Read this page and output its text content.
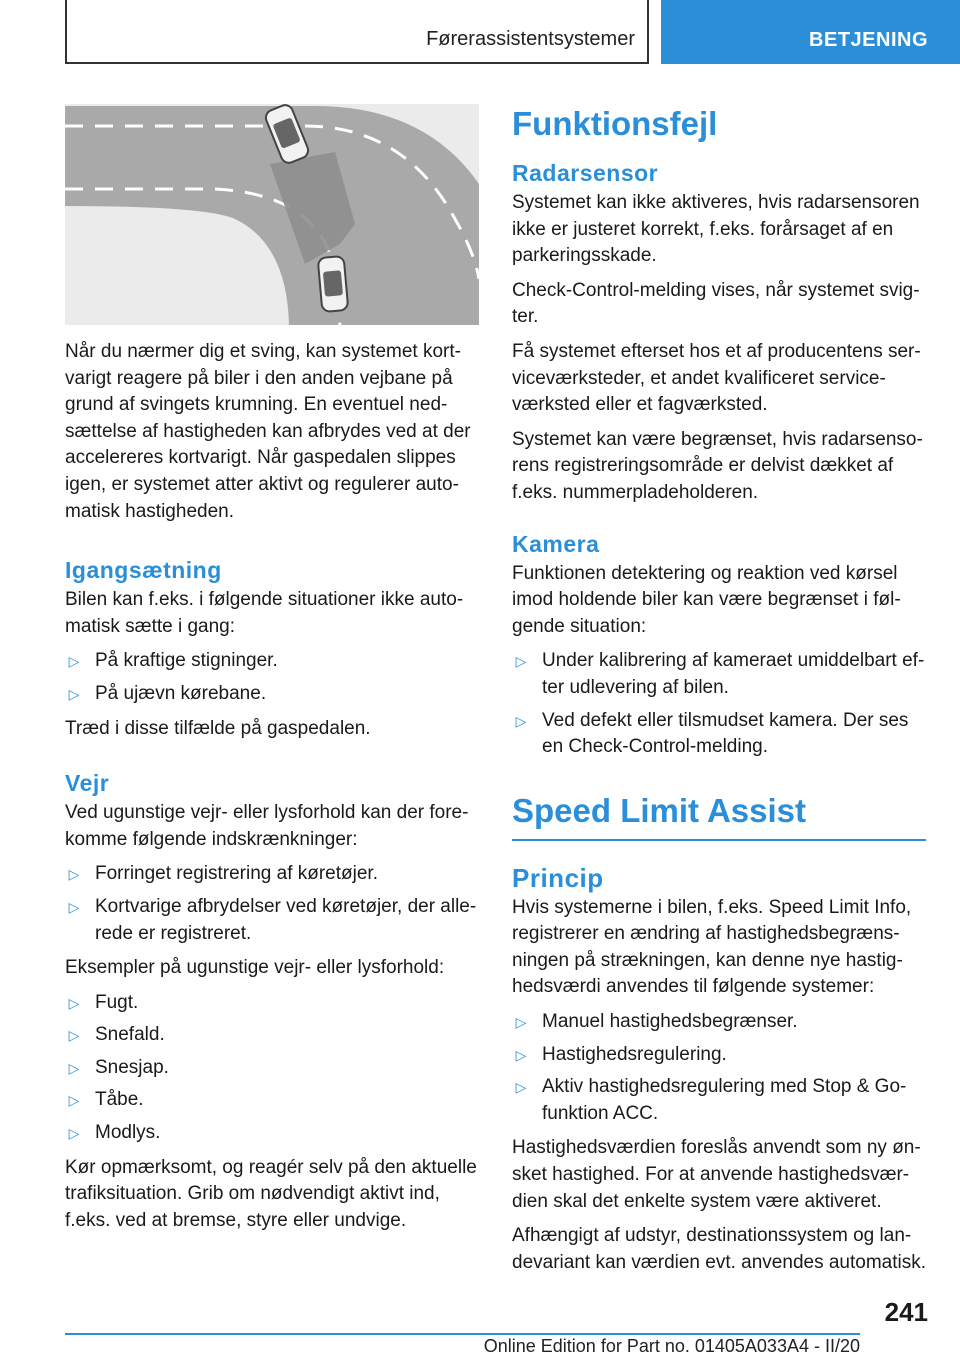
Førerassistentsystemer	BETJENING

Når du nærmer dig et sving, kan systemet kortvarigt reagere på biler i den anden vejbane på grund af svingets krumning. En eventuel nedsættelse af hastigheden kan afbrydes ved at der accelereres kortvarigt. Når gaspedalen slippes igen, er systemet atter aktivt og regulerer automatisk hastigheden.

Igangsætning

Bilen kan f.eks. i følgende situationer ikke automatisk sætte i gang:

▷ På kraftige stigninger.
▷ På ujævn kørebane.

Træd i disse tilfælde på gaspedalen.

Vejr

Ved ugunstige vejr- eller lysforhold kan der forekomme følgende indskrænkninger:

▷ Forringet registrering af køretøjer.
▷ Kortvarige afbrydelser ved køretøjer, der allerede er registreret.

Eksempler på ugunstige vejr- eller lysforhold:

▷ Fugt.
▷ Snefald.
▷ Snesjap.
▷ Tåbe.
▷ Modlys.

Kør opmærksomt, og reagér selv på den aktuelle trafiksituation. Grib om nødvendigt aktivt ind, f.eks. ved at bremse, styre eller undvige.

Funktionsfejl
Radarsensor

Systemet kan ikke aktiveres, hvis radarsensoren ikke er justeret korrekt, f.eks. forårsaget af en parkeringsskade.

Check-Control-melding vises, når systemet svigter.

Få systemet efterset hos et af producentens serviceværksteder, et andet kvalificeret serviceværksted eller et fagværksted.

Systemet kan være begrænset, hvis radarsensorens registreringsområde er delvist dækket af f.eks. nummerpladeholderen.

Kamera

Funktionen detektering og reaktion ved kørsel imod holdende biler kan være begrænset i følgende situation:

▷ Under kalibrering af kameraet umiddelbart efter udlevering af bilen.
▷ Ved defekt eller tilsmudset kamera. Der ses en Check-Control-melding.
Speed Limit Assist
Princip

Hvis systemerne i bilen, f.eks. Speed Limit Info, registrerer en ændring af hastighedsbegrænsningen på strækningen, kan denne nye hastighedsværdi anvendes til følgende systemer:

▷ Manuel hastighedsbegrænser.
▷ Hastighedsregulering.
▷ Aktiv hastighedsregulering med Stop & Go-funktion ACC.

Hastighedsværdien foreslås anvendt som ny ønsket hastighed. For at anvende hastighedsværdien skal det enkelte system være aktiveret.

Afhængigt af udstyr, destinationssystem og landevariant kan værdien evt. anvendes automatisk.

241
Online Edition for Part no. 01405A033A4 - II/20
